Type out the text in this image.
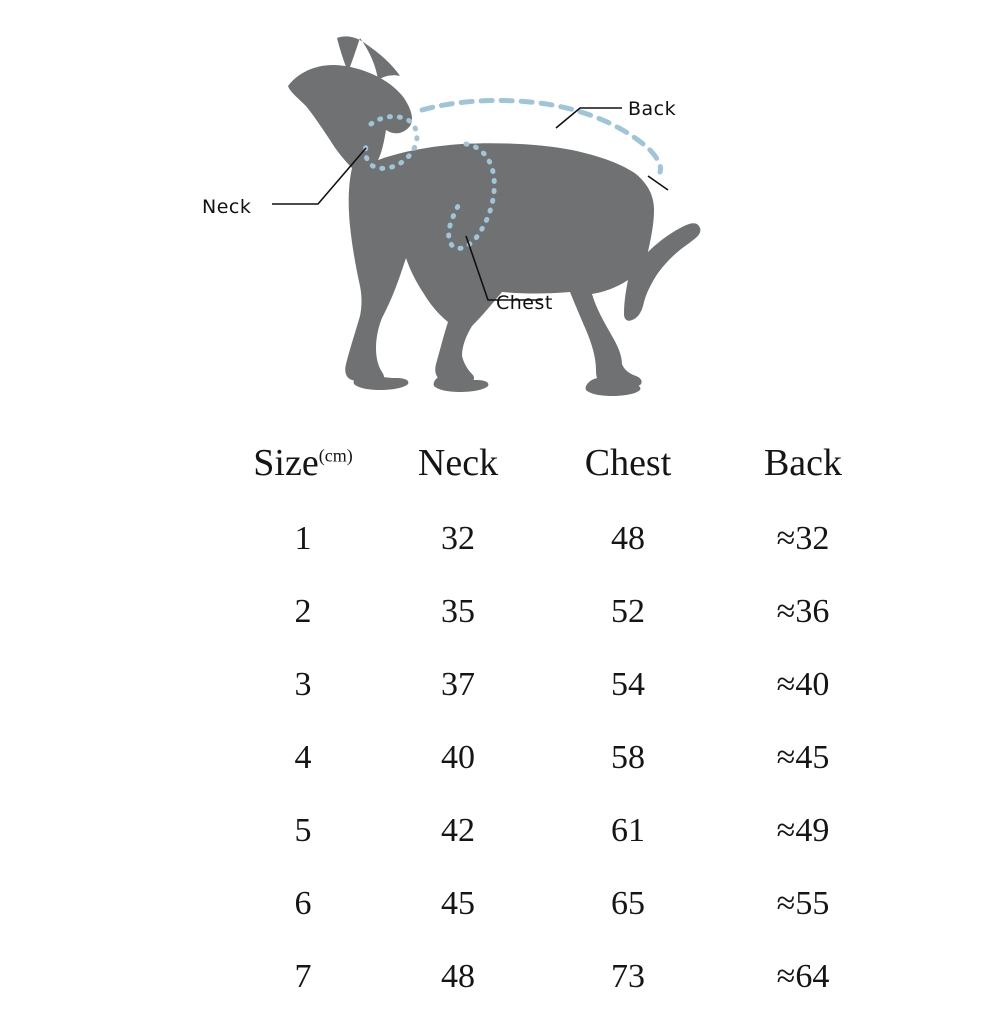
Neck
Chest
Back
Size$^{(cm)}$	Neck	Chest	Back
1	32	48	≈32
2	35	52	≈36
3	37	54	≈40
4	40	58	≈45
5	42	61	≈49
6	45	65	≈55
7	48	73	≈64
